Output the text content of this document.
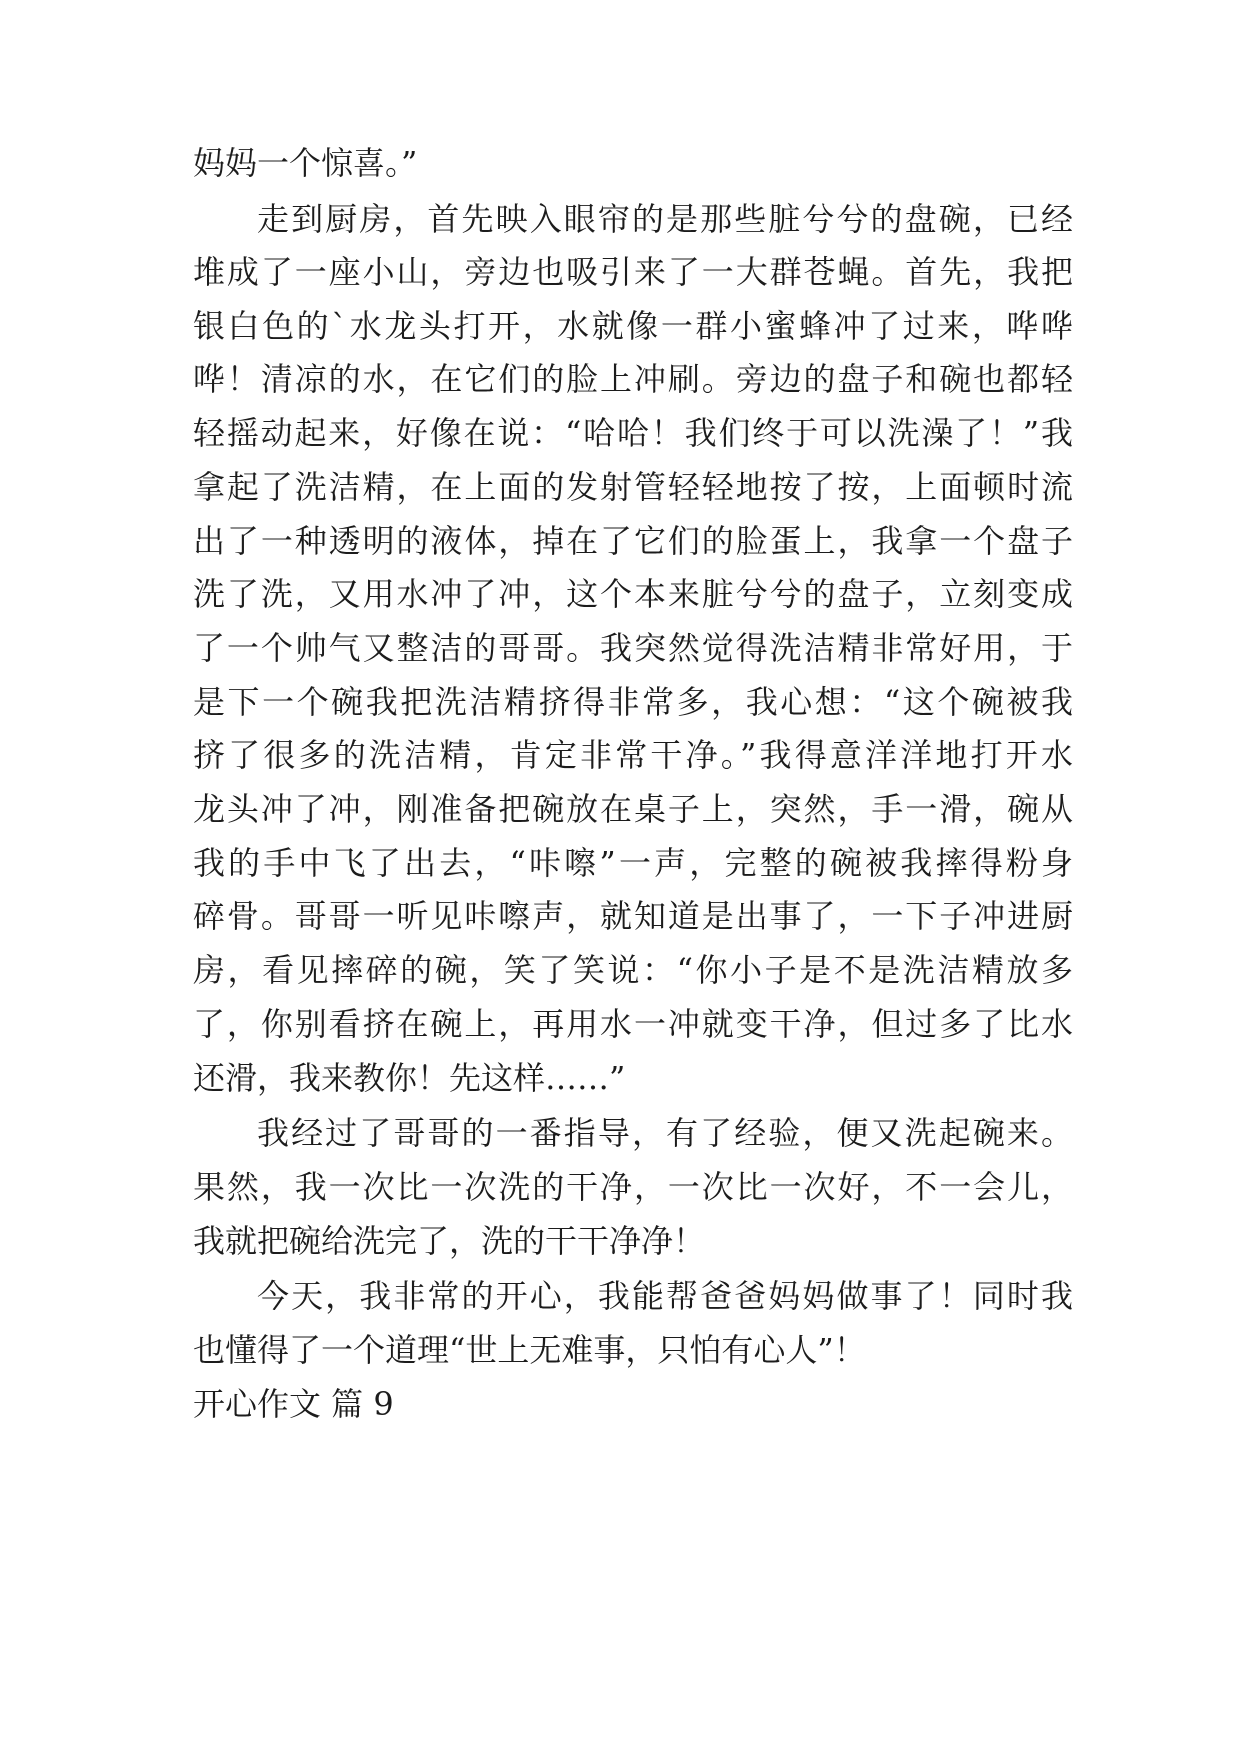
妈妈一个惊喜。”
走到厨房，首先映入眼帘的是那些脏兮兮的盘碗，已经
堆成了一座小山，旁边也吸引来了一大群苍蝇。首先，我把
银白色的`水龙头打开，水就像一群小蜜蜂冲了过来，哗哗
哗！清凉的水，在它们的脸上冲刷。旁边的盘子和碗也都轻
轻摇动起来，好像在说：“哈哈！我们终于可以洗澡了！”我
拿起了洗洁精，在上面的发射管轻轻地按了按，上面顿时流
出了一种透明的液体，掉在了它们的脸蛋上，我拿一个盘子
洗了洗，又用水冲了冲，这个本来脏兮兮的盘子，立刻变成
了一个帅气又整洁的哥哥。我突然觉得洗洁精非常好用，于
是下一个碗我把洗洁精挤得非常多，我心想：“这个碗被我
挤了很多的洗洁精，肯定非常干净。”我得意洋洋地打开水
龙头冲了冲，刚准备把碗放在桌子上，突然，手一滑，碗从
我的手中飞了出去，“咔嚓”一声，完整的碗被我摔得粉身
碎骨。哥哥一听见咔嚓声，就知道是出事了，一下子冲进厨
房，看见摔碎的碗，笑了笑说：“你小子是不是洗洁精放多
了，你别看挤在碗上，再用水一冲就变干净，但过多了比水
还滑，我来教你！先这样……”
我经过了哥哥的一番指导，有了经验，便又洗起碗来。
果然，我一次比一次洗的干净，一次比一次好，不一会儿，
我就把碗给洗完了，洗的干干净净！
今天，我非常的开心，我能帮爸爸妈妈做事了！同时我
也懂得了一个道理“世上无难事，只怕有心人”！
开心作文 篇 9
